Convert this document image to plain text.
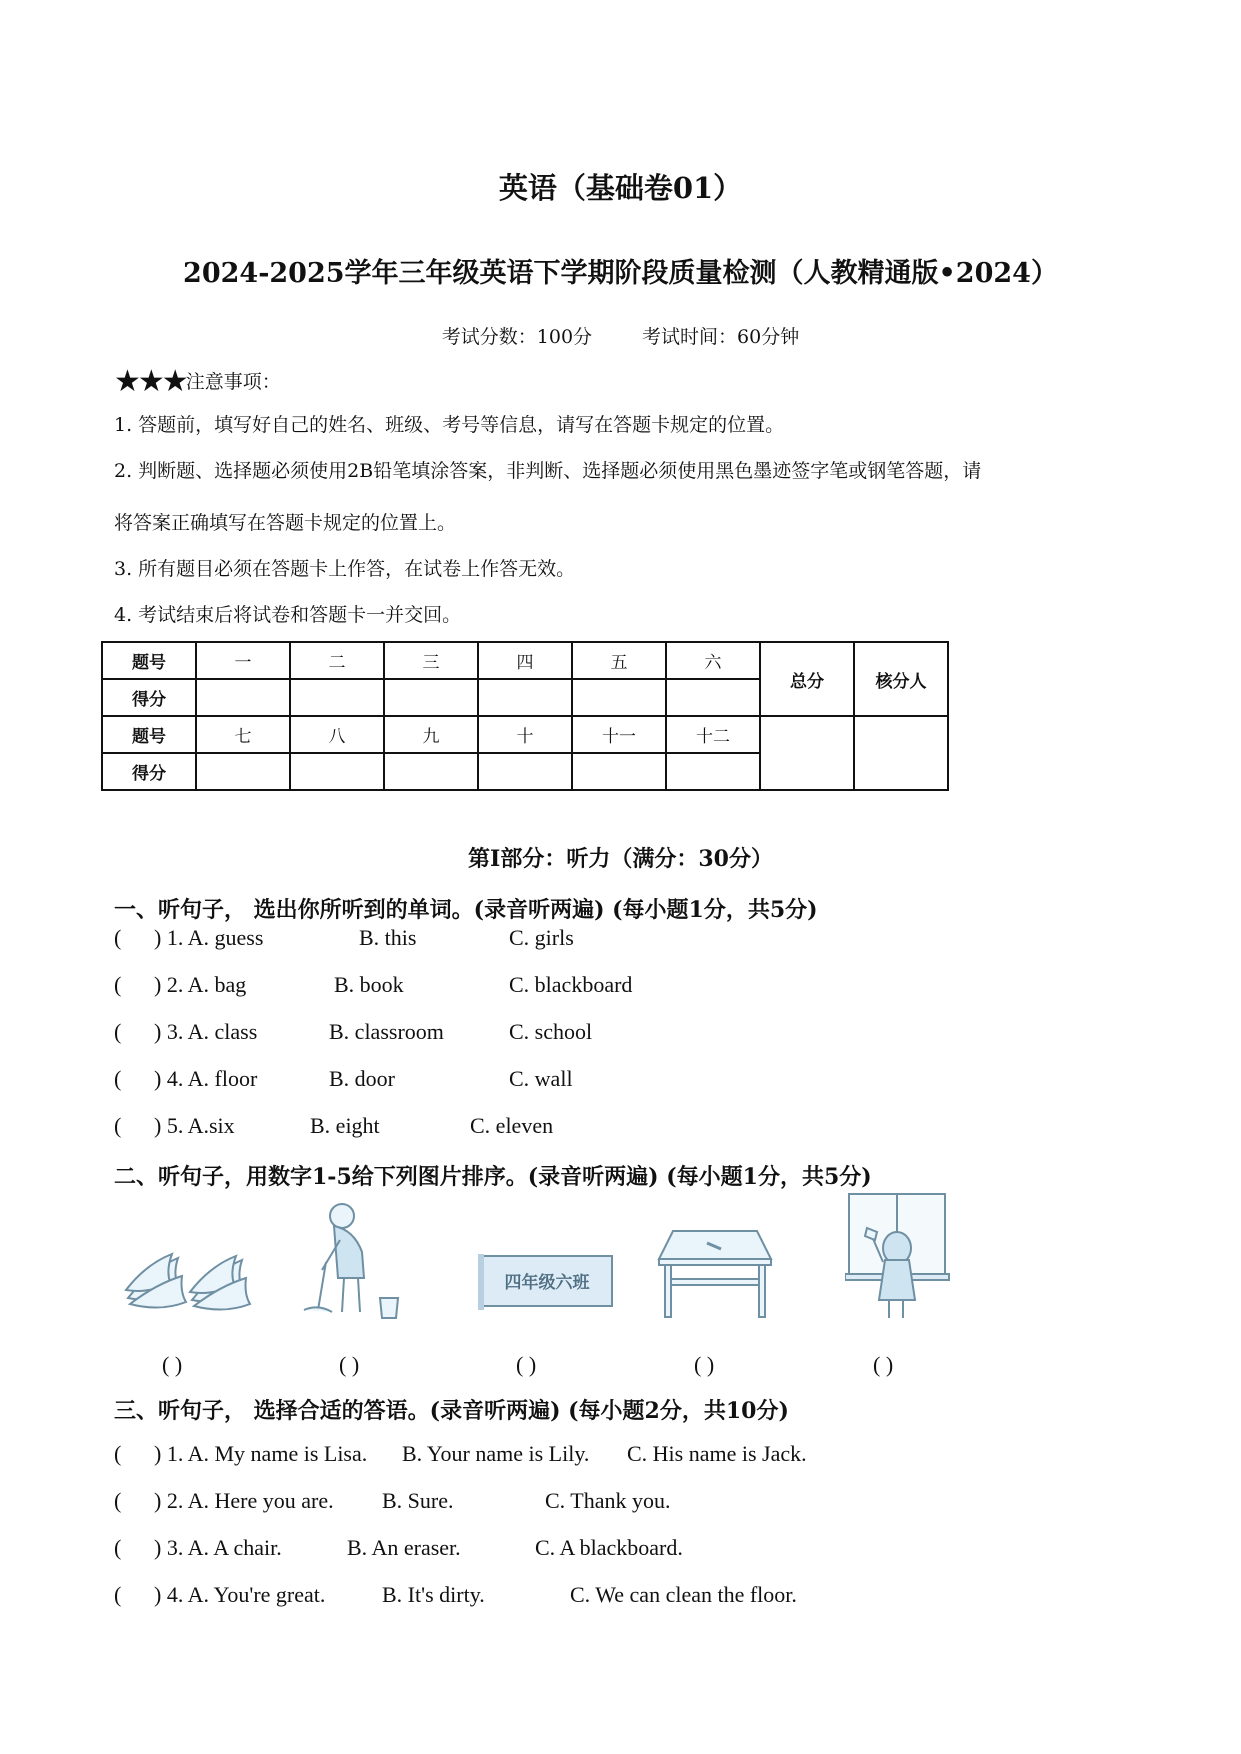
英语（基础卷01）
2024-2025学年三年级英语下学期阶段质量检测（人教精通版•2024）
考试分数：100分	考试时间：60分钟
★★★注意事项：
1. 答题前，填写好自己的姓名、班级、考号等信息，请写在答题卡规定的位置。
2. 判断题、选择题必须使用2B铅笔填涂答案，非判断、选择题必须使用黑色墨迹签字笔或钢笔答题，请
将答案正确填写在答题卡规定的位置上。
3. 所有题目必须在答题卡上作答，在试卷上作答无效。
4. 考试结束后将试卷和答题卡一并交回。
题号	一	二	三	四	五	六	总分	核分人
得分								
题号	七	八	九	十	十一	十二		
得分								
第Ⅰ部分：听力（满分：30分）
一、听句子， 选出你所听到的单词。(录音听两遍) (每小题1分，共5分)
( ) 1. A. guess	B. this	C. girls
( ) 2. A. bag	B. book	C. blackboard
( ) 3. A. class	B. classroom	C. school
( ) 4. A. floor	B. door	C. wall
( ) 5. A.six	B. eight	C. eleven
二、听句子，用数字1-5给下列图片排序。(录音听两遍) (每小题1分，共5分)
四年级六班
( )	( )	( )	( )	( )
三、听句子， 选择合适的答语。(录音听两遍) (每小题2分，共10分)
( ) 1. A. My name is Lisa. B. Your name is Lily. C. His name is Jack.
( ) 2. A. Here you are. B. Sure.	C. Thank you.
( ) 3. A. A chair.	B. An eraser.	C. A blackboard.
( ) 4. A. You're great.	B. It's dirty.	C. We can clean the floor.
